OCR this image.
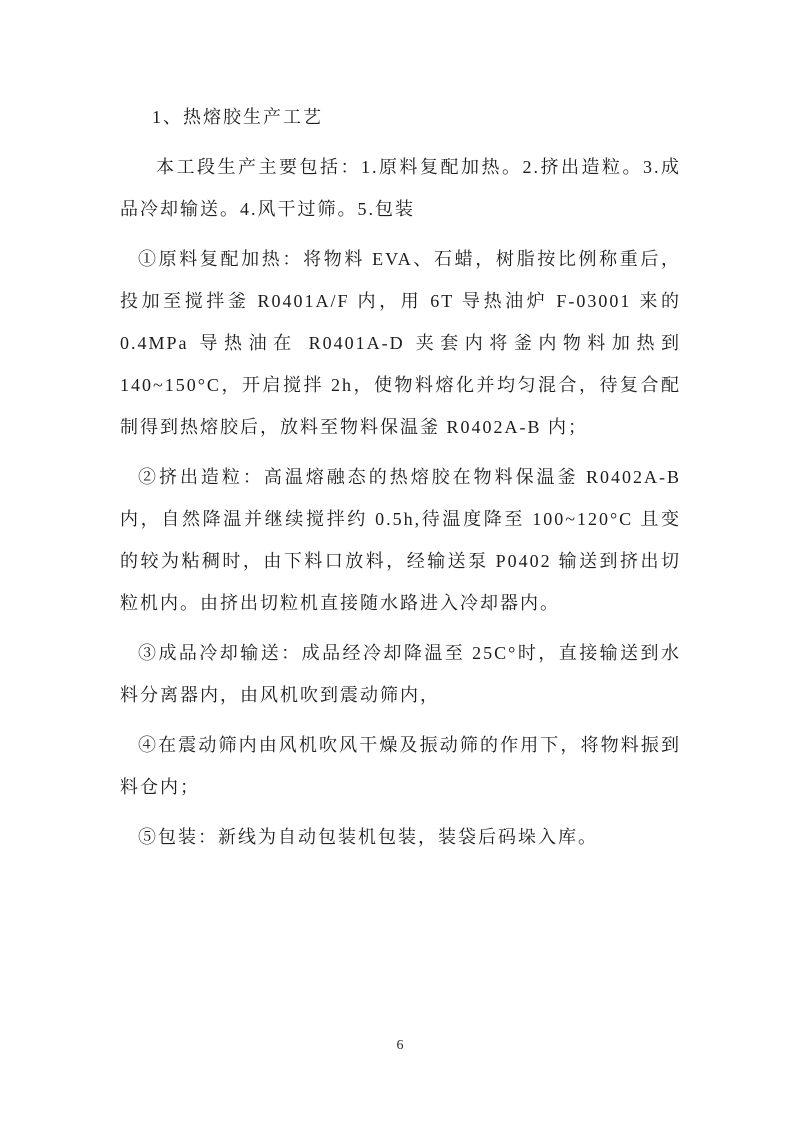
1、热熔胶生产工艺

本工段生产主要包括：1.原料复配加热。2.挤出造粒。3.成品冷却输送。4.风干过筛。5.包装

①原料复配加热：将物料 EVA、石蜡，树脂按比例称重后，投加至搅拌釜 R0401A/F 内，用 6T 导热油炉 F-03001 来的 0.4MPa 导热油在 R0401A-D 夹套内将釜内物料加热到 140~150°C，开启搅拌 2h，使物料熔化并均匀混合，待复合配制得到热熔胶后，放料至物料保温釜 R0402A-B 内；

②挤出造粒：高温熔融态的热熔胶在物料保温釜 R0402A-B 内，自然降温并继续搅拌约 0.5h,待温度降至 100~120°C 且变的较为粘稠时，由下料口放料，经输送泵 P0402 输送到挤出切粒机内。由挤出切粒机直接随水路进入冷却器内。

③成品冷却输送：成品经冷却降温至 25C°时，直接输送到水料分离器内，由风机吹到震动筛内，

④在震动筛内由风机吹风干燥及振动筛的作用下，将物料振到料仓内；

⑤包装：新线为自动包装机包装，装袋后码垛入库。

6
